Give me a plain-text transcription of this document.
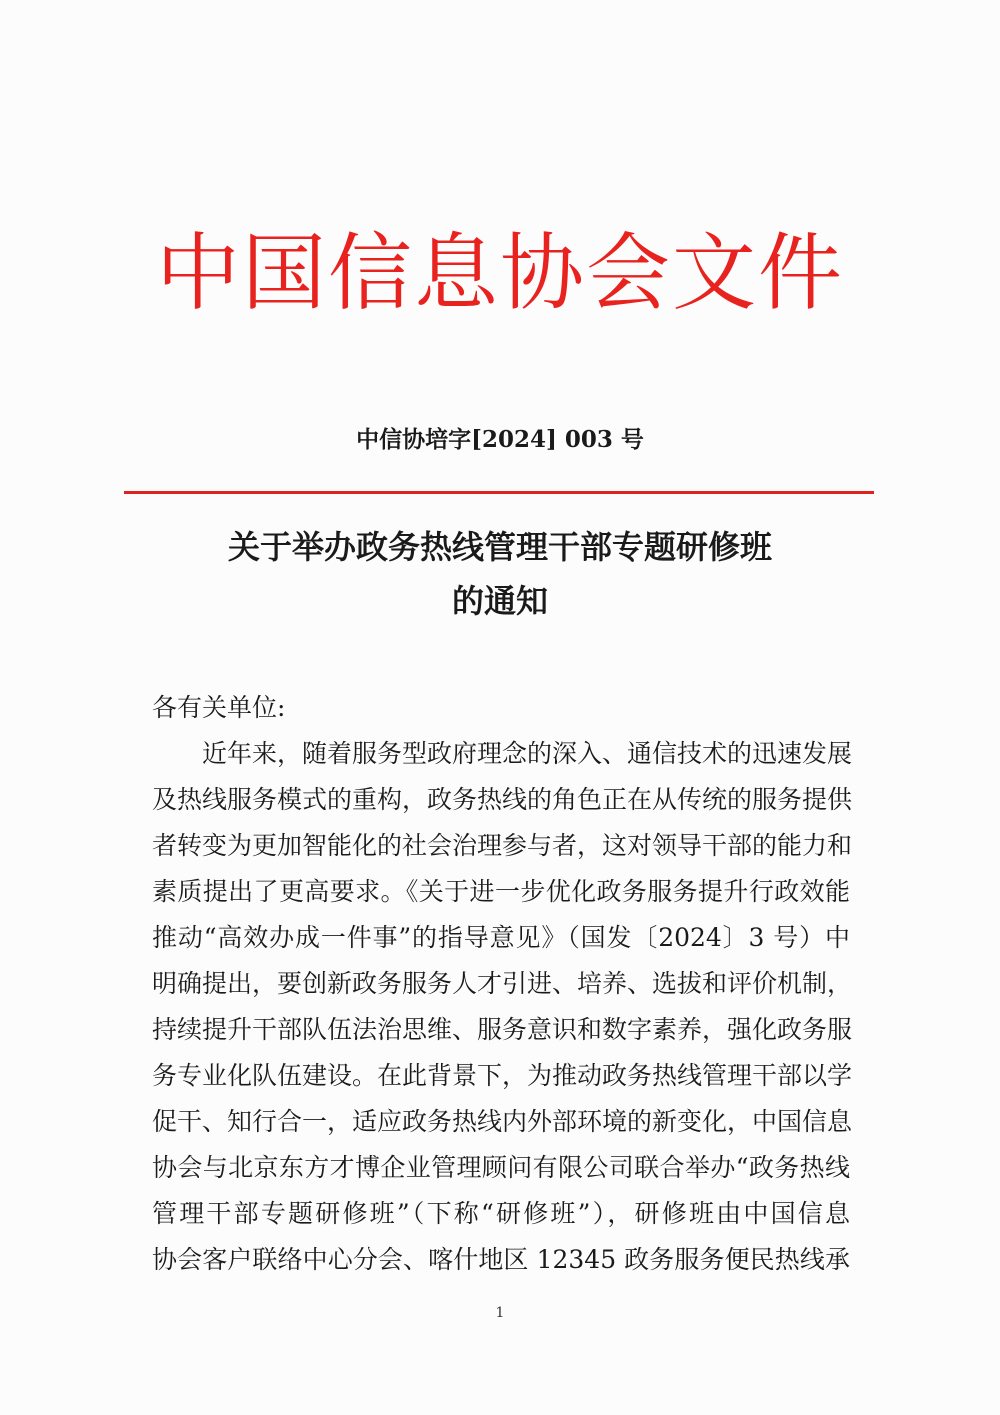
中国信息协会文件
中信协培字[2024] 003 号
关于举办政务热线管理干部专题研修班
的通知
各有关单位:
近年来，随着服务型政府理念的深入、通信技术的迅速发展
及热线服务模式的重构，政务热线的角色正在从传统的服务提供
者转变为更加智能化的社会治理参与者，这对领导干部的能力和
素质提出了更高要求。《关于进一步优化政务服务提升行政效能
推动“高效办成一件事”的指导意见》（国发〔2024〕3 号）中
明确提出，要创新政务服务人才引进、培养、选拔和评价机制，
持续提升干部队伍法治思维、服务意识和数字素养，强化政务服
务专业化队伍建设。在此背景下，为推动政务热线管理干部以学
促干、知行合一，适应政务热线内外部环境的新变化，中国信息
协会与北京东方才博企业管理顾问有限公司联合举办“政务热线
管理干部专题研修班”（下称“研修班”），研修班由中国信息
协会客户联络中心分会、喀什地区 12345 政务服务便民热线承
1
